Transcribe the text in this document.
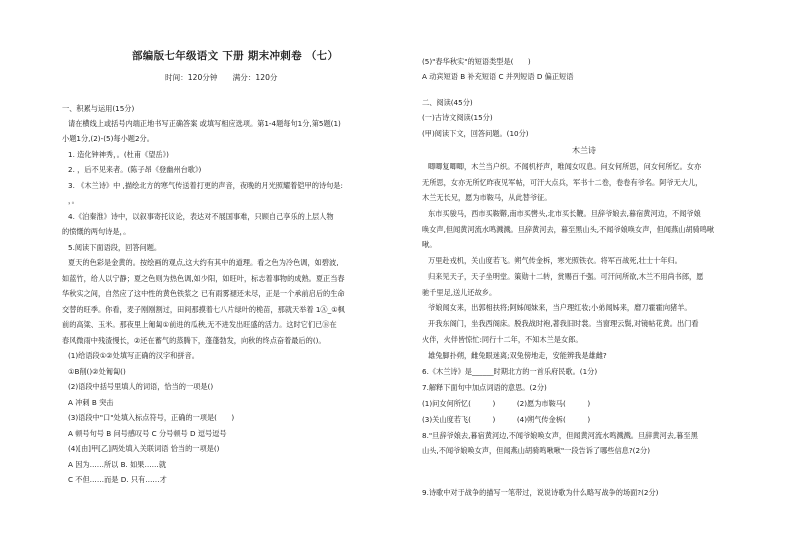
部编版七年级语文 下册 期末冲刺卷 （七）
时间：120分钟　　满分：120分
一、积累与运用(15分)
请在横线上或括号内端正地书写正确答案 或填写相应选项。第1-4题每句1分,第5题(1)
小题1分,(2)-(5)每小题2分。
1. 造化钟神秀，。(杜甫《望岳》)
2. ，后不见来者。(陈子昂《登幽州台歌》)
3. 《木兰诗》中 ,描绘北方的寒气传送着打更的声音，夜晚的月光照耀着铠甲的诗句是:
，。
4.《泊秦淮》诗中，以叙事寄托议论，表达对不展国事难，只顾自己享乐的上层人物
的愤慨的两句诗是，。
5.阅读下面语段，回答问题。
夏天的色彩是金黄的。按绘画的观点,这大约有其中的道理。看之色为冷色调，如碧波,
如蓝竹，给人以宁静；夏之色则为热色调,如少阳，如旺叶，标志着事物的成熟。夏正当春
华秋实之间，自然应了这中性的黄色铁浆之 已有雨雾褪还未尽，正是一个承前启后的生命
交替的旺季。你看，麦子刚刚割过，田间那摸着七八片绿叶的桅苗，那就天举着 1Ⓐ_①枫
前的高粱、玉米。那夜里上匍匐①前进的瓜秧,无不进发出旺盛的活力。这时它们已Ⓑ在
春风微雨中残渣慢长，②还在蓄气的蒸腾下，蓬蓬勃发，向秋的终点奋着最后的()。
(1)给语段①②处填写正确的汉字和拼音。
①B削()②处匍匐()
(2)语段中括号里填人的词语，恰当的一项是()
A 冲刺 B 突击
(3)语段中"口"处填入标点符号，正确的一项是(　　)
A 顿号句号 B 问号感叹号 C 分号顿号 D 逗号逗号
(4)[由]甲[乙]两处填入关联词语 恰当的一项是()
A 因为……所以 B. 如果……就
C 不但……而是 D. 只有……才
(5)"春华秋实"的短语类型是(　　)
A 动宾短语 B 补充短语 C 并列短语 D 偏正短语
二、阅读(45分)
(一)古诗文阅读(15分)
(甲)阅读下文，回答问题。(10分)
木兰诗
唧唧复唧唧，木兰当户织。不闻机杼声，唯闻女叹息。问女何所思，问女何所忆。女亦
无所思，女亦无所忆昨夜见军帖，可汗大点兵，军书十二卷，卷卷有爷名。阿爷无大儿，
木兰无长兄，愿为市鞍马，从此替爷征。
东市买骏马，西市买鞍鞯,南市买辔头,北市买长鞭。旦辞爷娘去,暮宿黄河边，不闻爷娘
唤女声,但闻黄河流水鸣溅溅。旦辞黄河去，暮至黑山头,不闻爷娘唤女声，但闻燕山胡骑鸣啾
啾。
万里赴戎机，关山度若飞。朔气传金柝，寒光照铁衣。将军百战死,壮士十年归。
归来见天子，天子坐明堂。策勋十二转，赏赐百千强。可汗问所欲,木兰不用尚书郎，愿
驰千里足,送儿还故乡。
爷娘闻女来，出郭相扶将;阿姊闻妹来，当户理红妆;小弟闻姊来，磨刀霍霍向猪羊。
开我东阁门，坐我西阁床。脱我战时袍,著我旧时裳。当窗理云鬓,对镜帖花黄。出门看
火伴，火伴皆惊忙:同行十二年，不知木兰是女郎。
雄兔脚扑朔，雌兔眼迷离;双兔傍地走，安能辨我是雄雌?
6.《木兰诗》是______时期北方的一首乐府民歌。(1分)
7.解释下面句中加点词语的意思。(2分)
(1)问女何所忆(　　　)　　　(2)愿为市鞍马(　　　)
(3)关山度若飞(　　　)　　　(4)朔气传金柝(　　　)
8."旦辞爷娘去,暮宿黄河边,不闻爷娘唤女声，但闻黄河流水鸣溅溅。旦辞黄河去,暮至黑
山头,不闻爷娘唤女声，但闻燕山胡骑鸣啾啾"一段告诉了哪些信息?(2分)
9.诗歌中对于战争的描写一笔带过，说说诗歌为什么略写战争的场面?(2分)
